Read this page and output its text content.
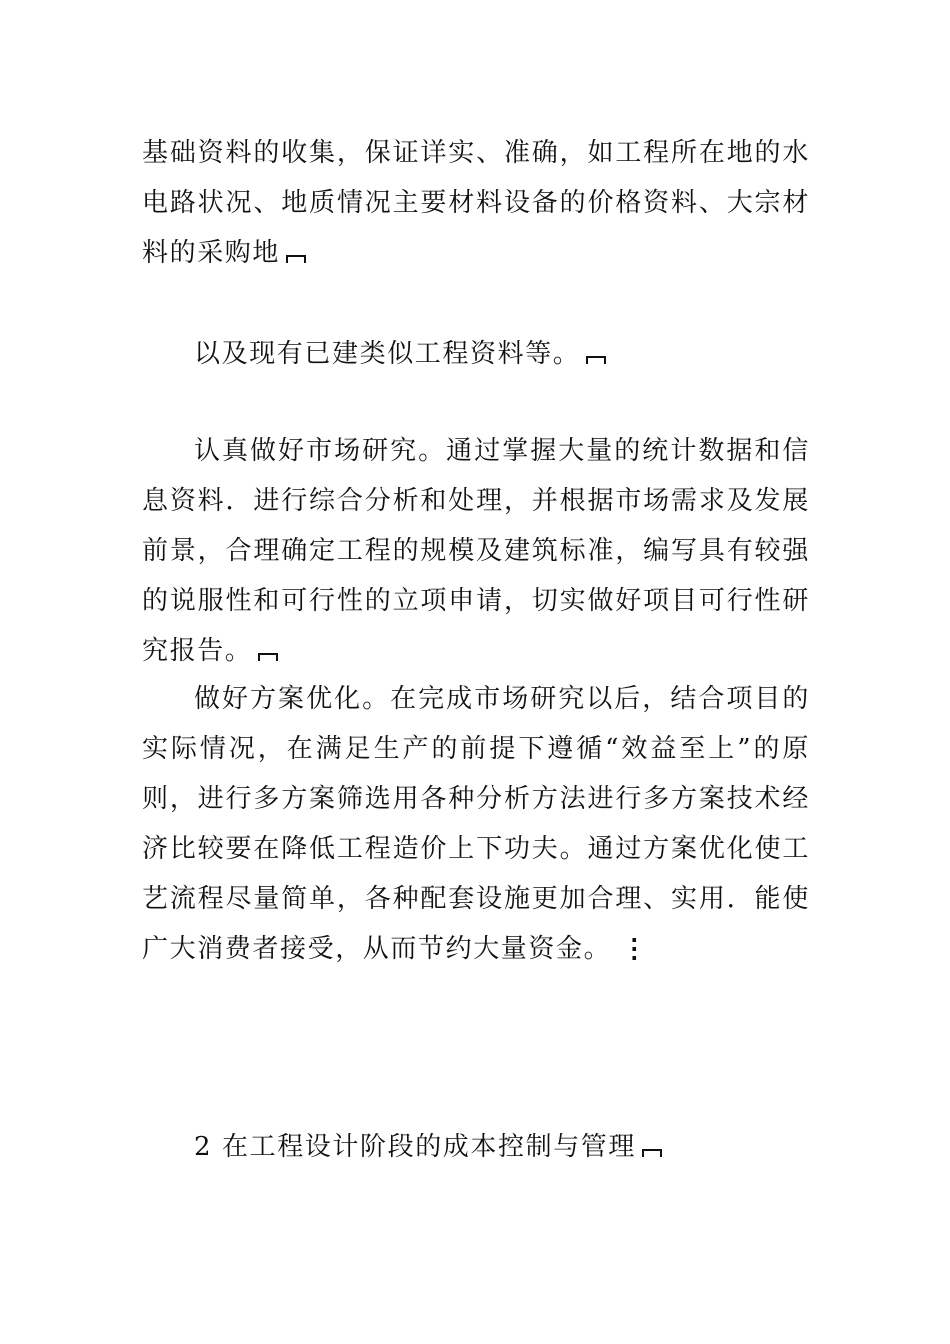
基础资料的收集，保证详实、准确，如工程所在地的水电路状况、地质情况主要材料设备的价格资料、大宗材料的采购地

以及现有已建类似工程资料等。

认真做好市场研究。通过掌握大量的统计数据和信息资料．进行综合分析和处理，并根据市场需求及发展前景，合理确定工程的规模及建筑标准，编写具有较强的说服性和可行性的立项申请，切实做好项目可行性研究报告。

做好方案优化。在完成市场研究以后，结合项目的实际情况，在满足生产的前提下遵循“效益至上”的原则，进行多方案筛选用各种分析方法进行多方案技术经济比较要在降低工程造价上下功夫。通过方案优化使工艺流程尽量简单，各种配套设施更加合理、实用．能使广大消费者接受，从而节约大量资金。 ⋮

2 在工程设计阶段的成本控制与管理
